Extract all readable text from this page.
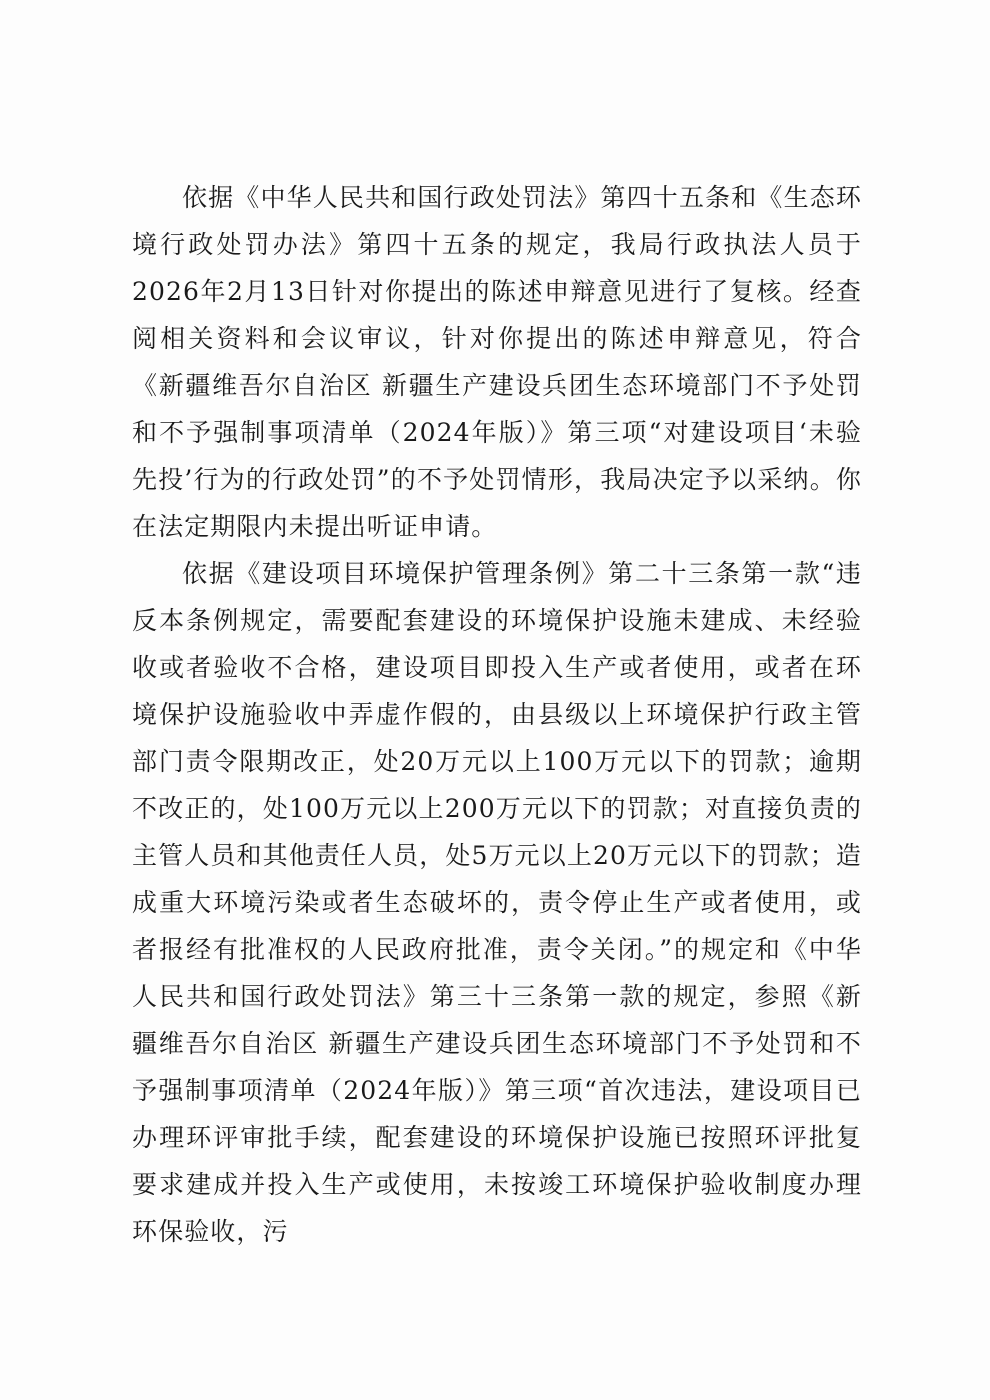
依据《中华人民共和国行政处罚法》第四十五条和《生态环境行政处罚办法》第四十五条的规定，我局行政执法人员于2026年2月13日针对你提出的陈述申辩意见进行了复核。经查阅相关资料和会议审议，针对你提出的陈述申辩意见，符合《新疆维吾尔自治区 新疆生产建设兵团生态环境部门不予处罚和不予强制事项清单（2024年版）》第三项“对建设项目‘未验先投’行为的行政处罚”的不予处罚情形，我局决定予以采纳。你在法定期限内未提出听证申请。

依据《建设项目环境保护管理条例》第二十三条第一款“违反本条例规定，需要配套建设的环境保护设施未建成、未经验收或者验收不合格，建设项目即投入生产或者使用，或者在环境保护设施验收中弄虚作假的，由县级以上环境保护行政主管部门责令限期改正，处20万元以上100万元以下的罚款；逾期不改正的，处100万元以上200万元以下的罚款；对直接负责的主管人员和其他责任人员，处5万元以上20万元以下的罚款；造成重大环境污染或者生态破坏的，责令停止生产或者使用，或者报经有批准权的人民政府批准，责令关闭。”的规定和《中华人民共和国行政处罚法》第三十三条第一款的规定，参照《新疆维吾尔自治区 新疆生产建设兵团生态环境部门不予处罚和不予强制事项清单（2024年版）》第三项“首次违法，建设项目已办理环评审批手续，配套建设的环境保护设施已按照环评批复要求建成并投入生产或使用，未按竣工环境保护验收制度办理环保验收，污
